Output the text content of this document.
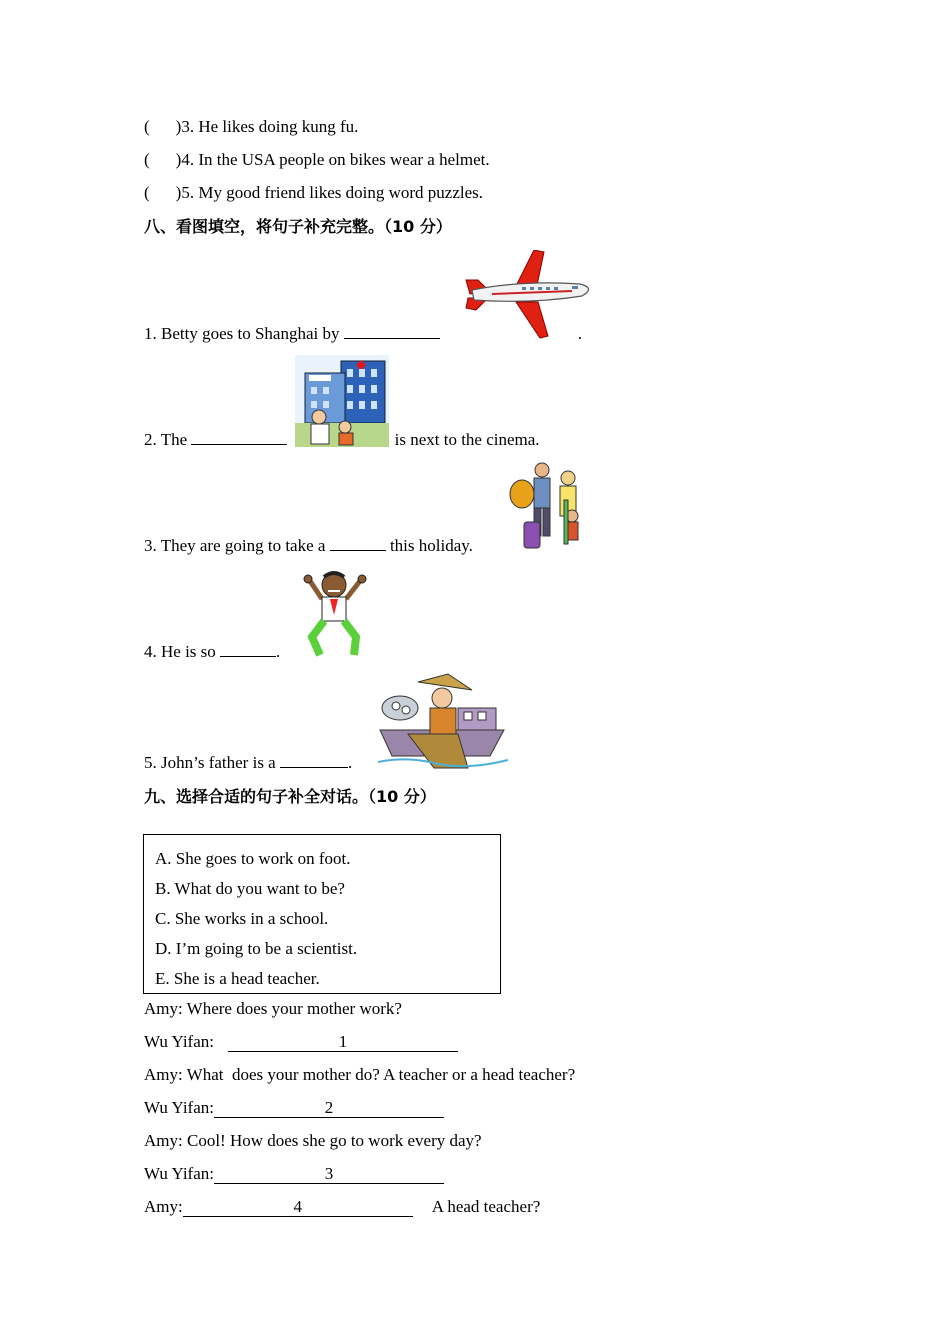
( )3. He likes doing kung fu.
( )4. In the USA people on bikes wear a helmet.
( )5. My good friend likes doing word puzzles.
八、看图填空，将句子补充完整。（10 分）
1. Betty goes to Shanghai by	.
2. The	is next to the cinema.
3. They are going to take a	this holiday.
4. He is so	.
5. John’s father is a	.
九、选择合适的句子补全对话。（10 分）
A. She goes to work on foot.
B. What do you want to be?
C. She works in a school.
D. I’m going to be a scientist.
E. She is a head teacher.
Amy: Where does your mother work?
Wu Yifan:	1
Amy: What  does your mother do? A teacher or a head teacher?
Wu Yifan:	2
Amy: Cool! How does she go to work every day?
Wu Yifan:	3
Amy:	4	A head teacher?
